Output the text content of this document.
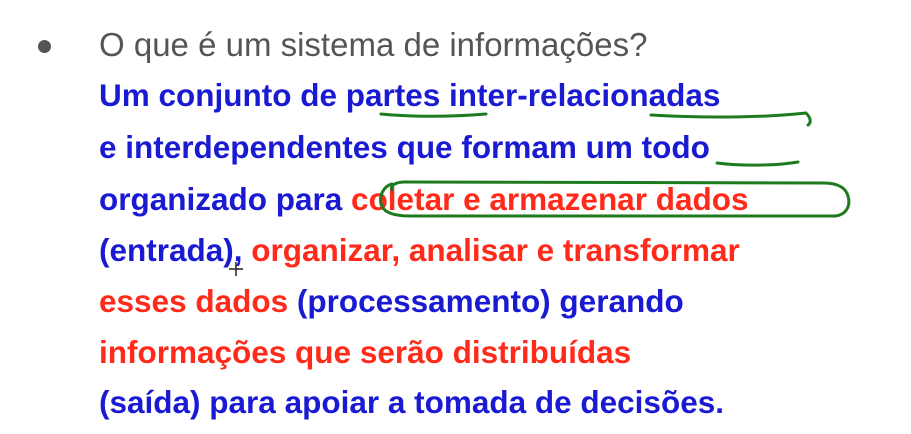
O que é um sistema de informações?
Um conjunto de partes inter-relacionadas
e interdependentes que formam um todo
organizado para coletar e armazenar dados
(entrada), organizar, analisar e transformar
esses dados (processamento) gerando
informações que serão distribuídas
(saída) para apoiar a tomada de decisões.
